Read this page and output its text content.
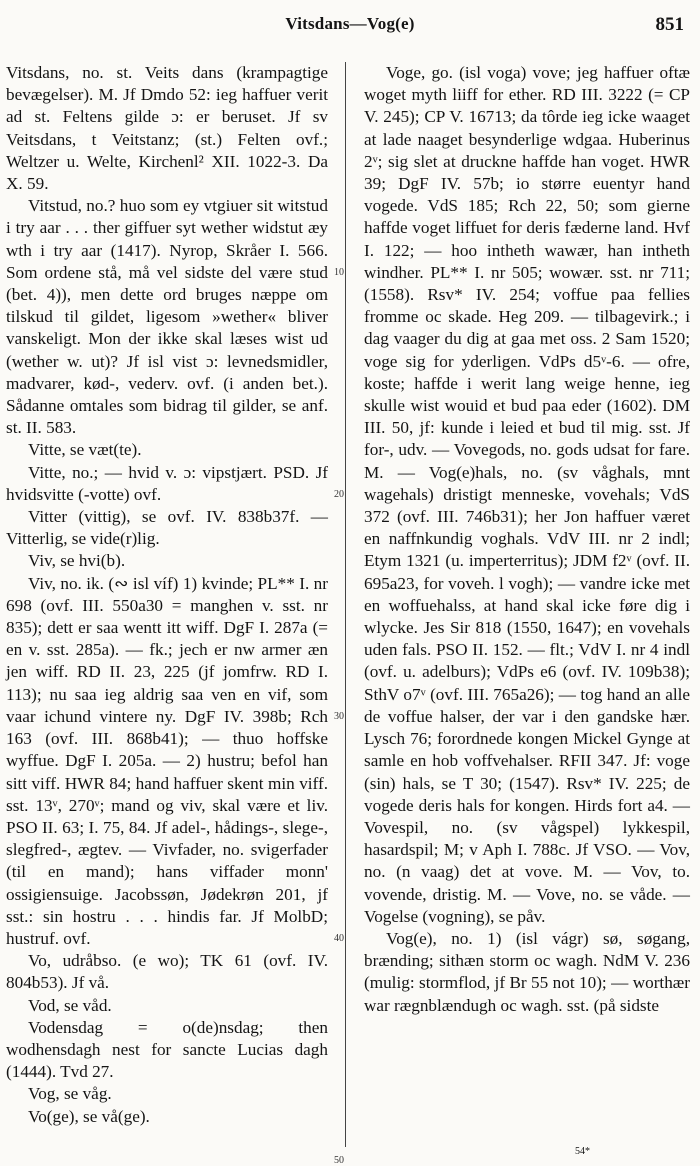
Vitsdans—Vog(e)	851

Vitsdans, no. st. Veits dans (krampagtige bevægelser). M. Jf Dmdo 52: ieg haffuer verit ad st. Feltens gilde ɔ: er beruset. Jf sv Veitsdans, t Veitstanz; (st.) Felten ovf.; Weltzer u. Welte, Kirchenl² XII. 1022-3. Da X. 59.

Vitstud, no.? huo som ey vtgiuer sit witstud i try aar . . . ther giffuer syt wether widstut æy wth i try aar (1417). Nyrop, Skråer I. 566. Som ordene stå, må vel sidste del være stud (bet. 4)), men dette ord bruges næppe om tilskud til gildet, ligesom »wether« bliver vanskeligt. Mon der ikke skal læses wist ud (wether w. ut)? Jf isl vist ɔ: levnedsmidler, madvarer, kød-, vederv. ovf. (i anden bet.). Sådanne omtales som bidrag til gilder, se anf. st. II. 583.

Vitte, se væt(te).

Vitte, no.; — hvid v. ɔ: vipstjært. PSD. Jf hvidsvitte (-votte) ovf.

Vitter (vittig), se ovf. IV. 838b37f. — Vitterlig, se vide(r)lig.

Viv, se hvi(b).

Viv, no. ik. (∾ isl víf) 1) kvinde; PL** I. nr 698 (ovf. III. 550a30 = manghen v. sst. nr 835); dett er saa wentt itt wiff. DgF I. 287a (= en v. sst. 285a). — fk.; jech er nw armer æn jen wiff. RD II. 23, 225 (jf jomfrw. RD I. 113); nu saa ieg aldrig saa ven en vif, som vaar ichund vintere ny. DgF IV. 398b; Rch 163 (ovf. III. 868b41); — thuo hoffske wyffue. DgF I. 205a. — 2) hustru; befol han sitt viff. HWR 84; hand haffuer skent min viff. sst. 13ᵛ, 270ᵛ; mand og viv, skal være et liv. PSO II. 63; I. 75, 84. Jf adel-, hådings-, slege-, slegfred-, ægtev. — Vivfader, no. svigerfader (til en mand); hans viffader monn' ossigiensuige. Jacobssøn, Jødekrøn 201, jf sst.: sin hostru . . . hindis far. Jf MolbD; hustruf. ovf.

Vo, udråbso. (e wo); TK 61 (ovf. IV. 804b53). Jf vå.

Vod, se våd.

Vodensdag = o(de)nsdag; then wodhensdagh nest for sancte Lucias dagh (1444). Tvd 27.

Vog, se våg.

Vo(ge), se vå(ge).

10
20
30
40
50

Voge, go. (isl voga) vove; jeg haffuer oftæ woget myth liiff for ether. RD III. 3222 (= CP V. 245); CP V. 16713; da tôrde ieg icke waaget at lade naaget besynderlige wdgaa. Huberinus 2ᵛ; sig slet at druckne haffde han voget. HWR 39; DgF IV. 57b; io større euentyr hand vogede. VdS 185; Rch 22, 50; som gierne haffde voget liffuet for deris fæderne land. Hvf I. 122; — hoo intheth wawær, han intheth windher. PL** I. nr 505; wowær. sst. nr 711; (1558). Rsv* IV. 254; voffue paa fellies fromme oc skade. Heg 209. — tilbagevirk.; i dag vaager du dig at gaa met oss. 2 Sam 1520; voge sig for yderligen. VdPs d5ᵛ-6. — ofre, koste; haffde i werit lang weige henne, ieg skulle wist wouid et bud paa eder (1602). DM III. 50, jf: kunde i leied et bud til mig. sst. Jf for-, udv. — Vovegods, no. gods udsat for fare. M. — Vog(e)hals, no. (sv våghals, mnt wagehals) dristigt menneske, vovehals; VdS 372 (ovf. III. 746b31); her Jon haffuer været en naffnkundig voghals. VdV III. nr 2 indl; Etym 1321 (u. imperterritus); JDM f2ᵛ (ovf. II. 695a23, for voveh. l vogh); — vandre icke met en woffuehalss, at hand skal icke føre dig i wlycke. Jes Sir 818 (1550, 1647); en vovehals uden fals. PSO II. 152. — flt.; VdV I. nr 4 indl (ovf. u. adelburs); VdPs e6 (ovf. IV. 109b38); SthV o7ᵛ (ovf. III. 765a26); — tog hand an alle de voffue halser, der var i den gandske hær. Lysch 76; forordnede kongen Mickel Gynge at samle en hob voffvehalser. RFII 347. Jf: voge (sin) hals, se T 30; (1547). Rsv* IV. 225; de vogede deris hals for kongen. Hirds fort a4. — Vovespil, no. (sv vågspel) lykkespil, hasardspil; M; v Aph I. 788c. Jf VSO. — Vov, no. (n vaag) det at vove. M. — Vov, to. vovende, dristig. M. — Vove, no. se våde. — Vogelse (vogning), se påv.

Vog(e), no. 1) (isl vágr) sø, søgang, brænding; sithæn storm oc wagh. NdM V. 236 (mulig: stormflod, jf Br 55 not 10); — worthær war rægnblændugh oc wagh. sst. (på sidste

54*
